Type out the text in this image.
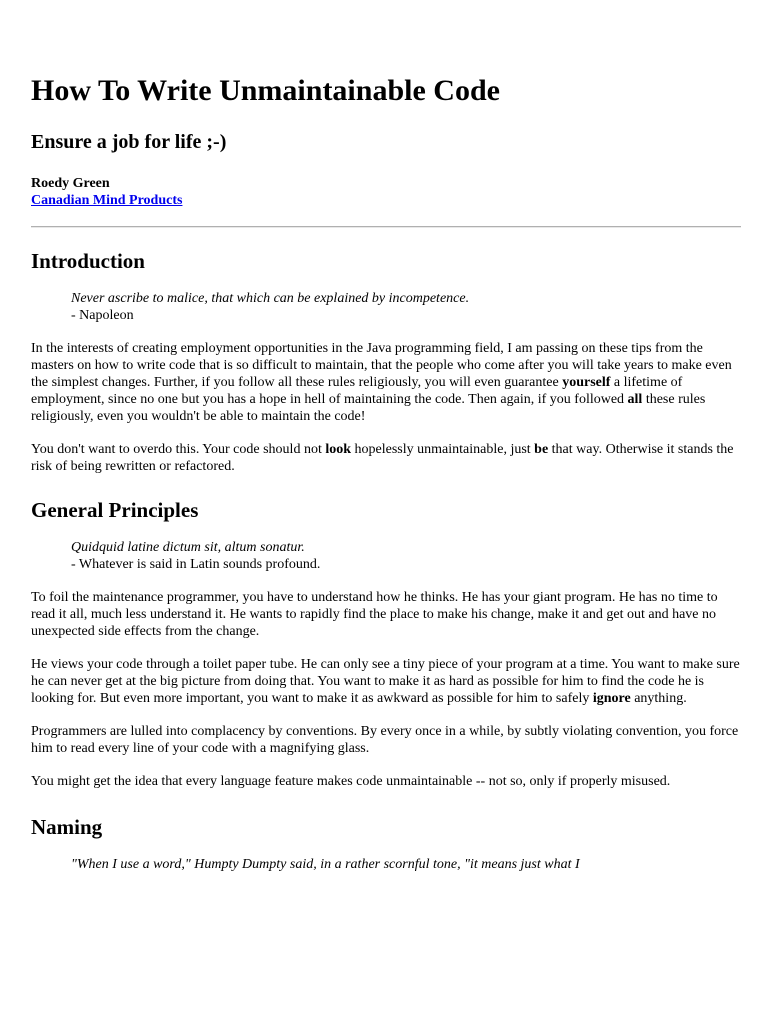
How To Write Unmaintainable Code
Ensure a job for life ;-)
Roedy Green
Canadian Mind Products
Introduction
Never ascribe to malice, that which can be explained by incompetence.
- Napoleon

In the interests of creating employment opportunities in the Java programming field, I am passing on these tips from the masters on how to write code that is so difficult to maintain, that the people who come after you will take years to make even the simplest changes. Further, if you follow all these rules religiously, you will even guarantee yourself a lifetime of employment, since no one but you has a hope in hell of maintaining the code. Then again, if you followed all these rules religiously, even you wouldn't be able to maintain the code!

You don't want to overdo this. Your code should not look hopelessly unmaintainable, just be that way. Otherwise it stands the risk of being rewritten or refactored.

General Principles
Quidquid latine dictum sit, altum sonatur.
- Whatever is said in Latin sounds profound.

To foil the maintenance programmer, you have to understand how he thinks. He has your giant program. He has no time to read it all, much less understand it. He wants to rapidly find the place to make his change, make it and get out and have no unexpected side effects from the change.

He views your code through a toilet paper tube. He can only see a tiny piece of your program at a time. You want to make sure he can never get at the big picture from doing that. You want to make it as hard as possible for him to find the code he is looking for. But even more important, you want to make it as awkward as possible for him to safely ignore anything.

Programmers are lulled into complacency by conventions. By every once in a while, by subtly violating convention, you force him to read every line of your code with a magnifying glass.

You might get the idea that every language feature makes code unmaintainable -- not so, only if properly misused.

Naming
"When I use a word," Humpty Dumpty said, in a rather scornful tone, "it means just what I
